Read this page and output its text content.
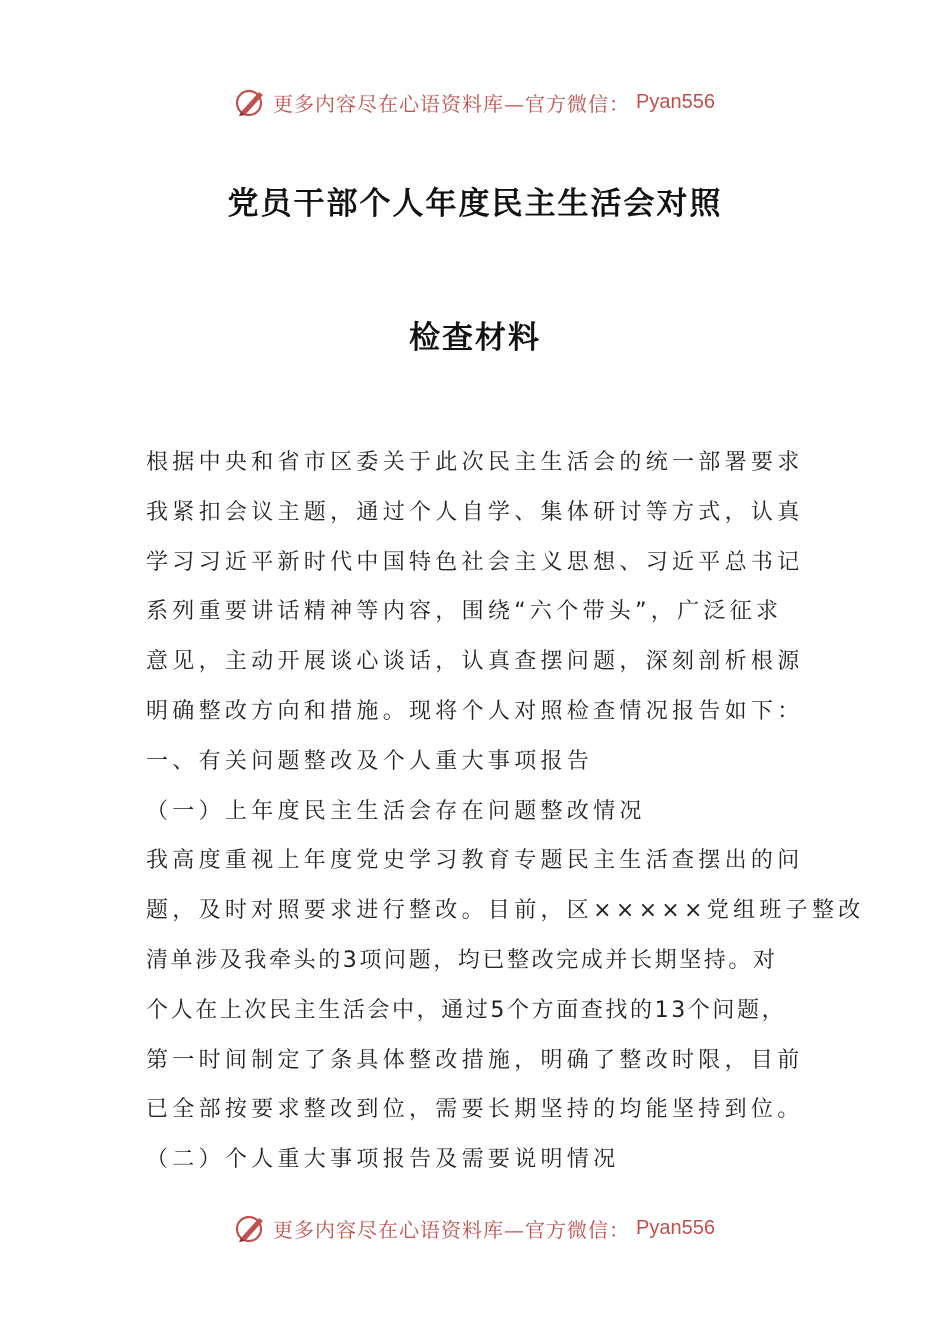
更多内容尽在心语资料库—官方微信： Pyan556
党员干部个人年度民主生活会对照
检查材料
根据中央和省市区委关于此次民主生活会的统一部署要求
我紧扣会议主题，通过个人自学、集体研讨等方式，认真
学习习近平新时代中国特色社会主义思想、习近平总书记
系列重要讲话精神等内容，围绕“六个带头”，广泛征求
意见，主动开展谈心谈话，认真查摆问题，深刻剖析根源
明确整改方向和措施。现将个人对照检查情况报告如下：
一、有关问题整改及个人重大事项报告
（一）上年度民主生活会存在问题整改情况
我高度重视上年度党史学习教育专题民主生活查摆出的问
题，及时对照要求进行整改。目前，区×××××党组班子整改
清单涉及我牵头的3项问题，均已整改完成并长期坚持。对
个人在上次民主生活会中，通过5个方面查找的13个问题，
第一时间制定了条具体整改措施，明确了整改时限，目前
已全部按要求整改到位，需要长期坚持的均能坚持到位。
（二）个人重大事项报告及需要说明情况
更多内容尽在心语资料库—官方微信： Pyan556
